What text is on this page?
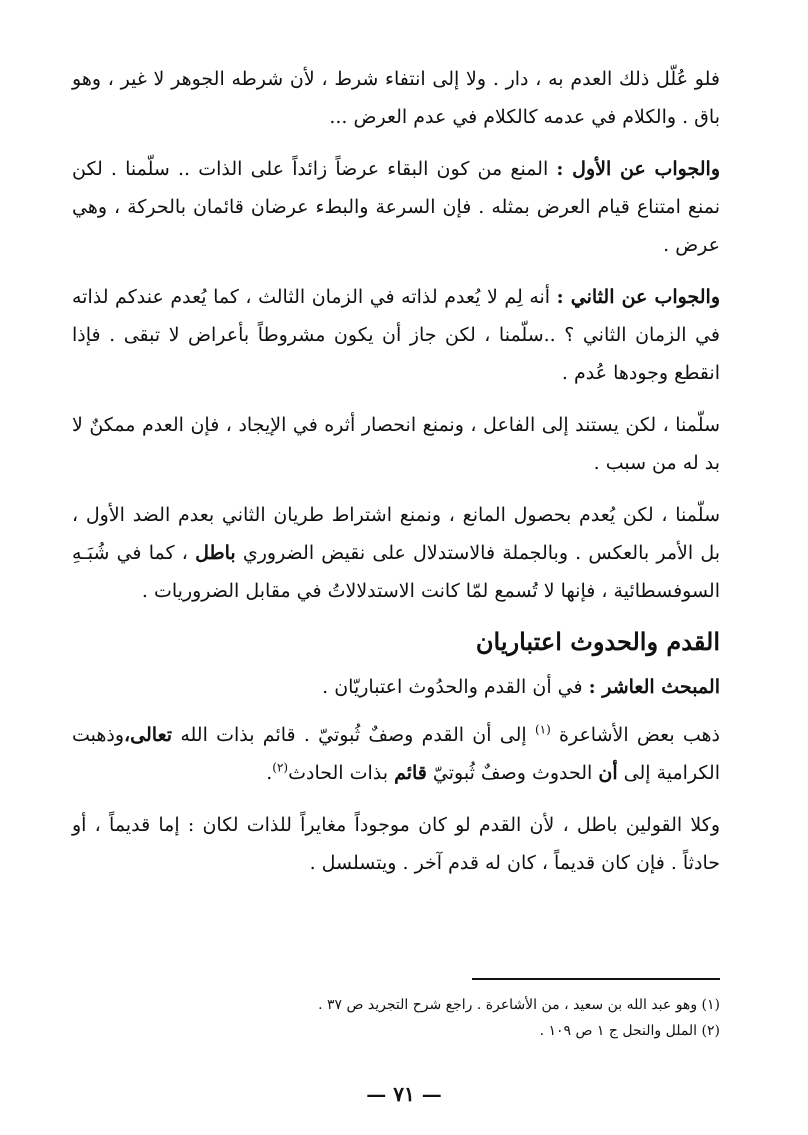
فلو عُلّل ذلك العدم به ، دار . ولا إلى انتفاء شرط ، لأن شرطه الجوهر لا غير ، وهو باق . والكلام في عدمه كالكلام في عدم العرض ...

والجواب عن الأول : المنع من كون البقاء عرضاً زائداً على الذات .. سلّمنا . لكن نمنع امتناع قيام العرض بمثله . فإن السرعة والبطء عرضان قائمان بالحركة ، وهي عرض .

والجواب عن الثاني : أنه لِم لا يُعدم لذاته في الزمان الثالث ، كما يُعدم عندكم لذاته في الزمان الثاني ؟ ..سلّمنا ، لكن جاز أن يكون مشروطاً بأعراض لا تبقى . فإذا انقطع وجودها عُدم .

سلّمنا ، لكن يستند إلى الفاعل ، ونمنع انحصار أثره في الإيجاد ، فإن العدم ممكنٌ لا بد له من سبب .

سلّمنا ، لكن يُعدم بحصول المانع ، ونمنع اشتراط طريان الثاني بعدم الضد الأول ، بل الأمر بالعكس . وبالجملة فالاستدلال على نقيض الضروري باطل ، كما في شُبَـهِ السوفسطائية ، فإنها لا تُسمع لمّا كانت الاستدلالاتُ في مقابل الضروريات .

القدم والحدوث اعتباريان

المبحث العاشر : في أن القدم والحدُوث اعتباريّان .

ذهب بعض الأشاعرة $^{(١)}$ إلى أن القدم وصفٌ ثُبوتيّ . قائم بذات الله تعالى،وذهبت الكرامية إلى أن الحدوث وصفٌ ثُبوتيّ قائم بذات الحادث$^{(٢)}$.

وكلا القولين باطل ، لأن القدم لو كان موجوداً مغايراً للذات لكان : إما قديماً ، أو حادثاً . فإن كان قديماً ، كان له قدم آخر . ويتسلسل .

(١) وهو عبد الله بن سعيد ، من الأشاعرة . راجع شرح التجريد ص ٣٧ .

(٢) الملل والنحل ج ١ ص ١٠٩ .

— ٧١ —
